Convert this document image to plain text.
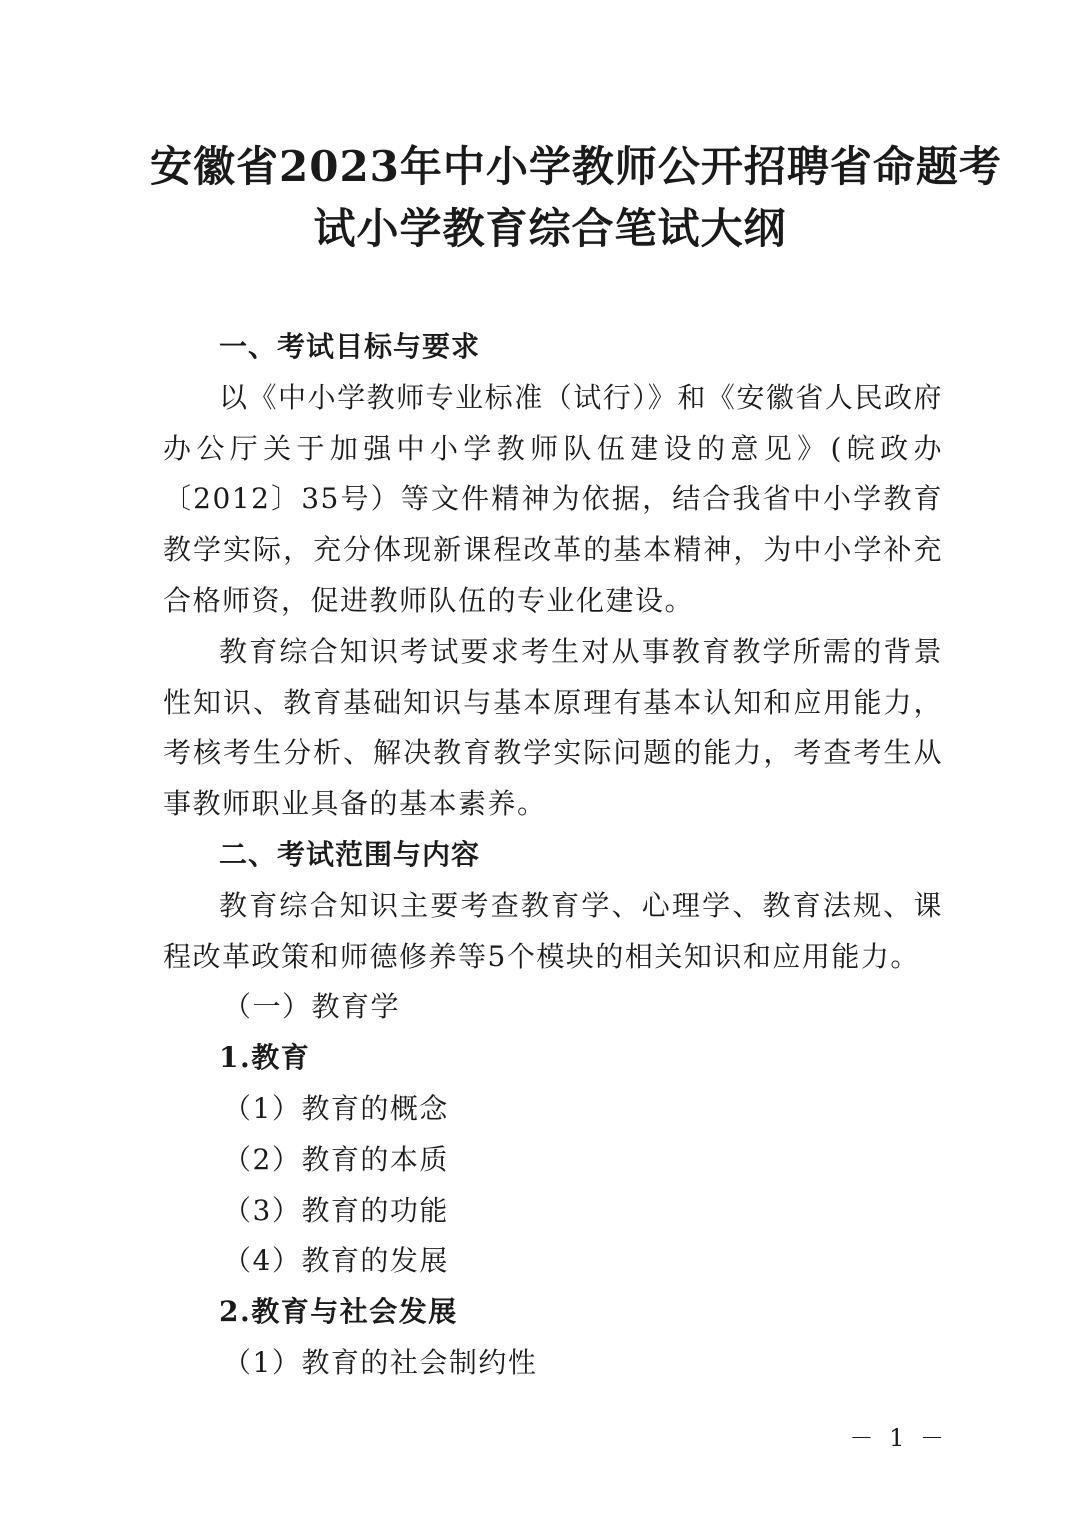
安徽省2023年中小学教师公开招聘省命题考
试小学教育综合笔试大纲

一、考试目标与要求

以《中小学教师专业标准（试行）》和《安徽省人民政府办公厅关于加强中小学教师队伍建设的意见》(皖政办〔2012〕35号）等文件精神为依据，结合我省中小学教育教学实际，充分体现新课程改革的基本精神，为中小学补充合格师资，促进教师队伍的专业化建设。

教育综合知识考试要求考生对从事教育教学所需的背景性知识、教育基础知识与基本原理有基本认知和应用能力，考核考生分析、解决教育教学实际问题的能力，考查考生从事教师职业具备的基本素养。

二、考试范围与内容

教育综合知识主要考查教育学、心理学、教育法规、课程改革政策和师德修养等5个模块的相关知识和应用能力。

（一）教育学

1.教育

（1）教育的概念

（2）教育的本质

（3）教育的功能

（4）教育的发展

2.教育与社会发展

（1）教育的社会制约性

－ 1 －
